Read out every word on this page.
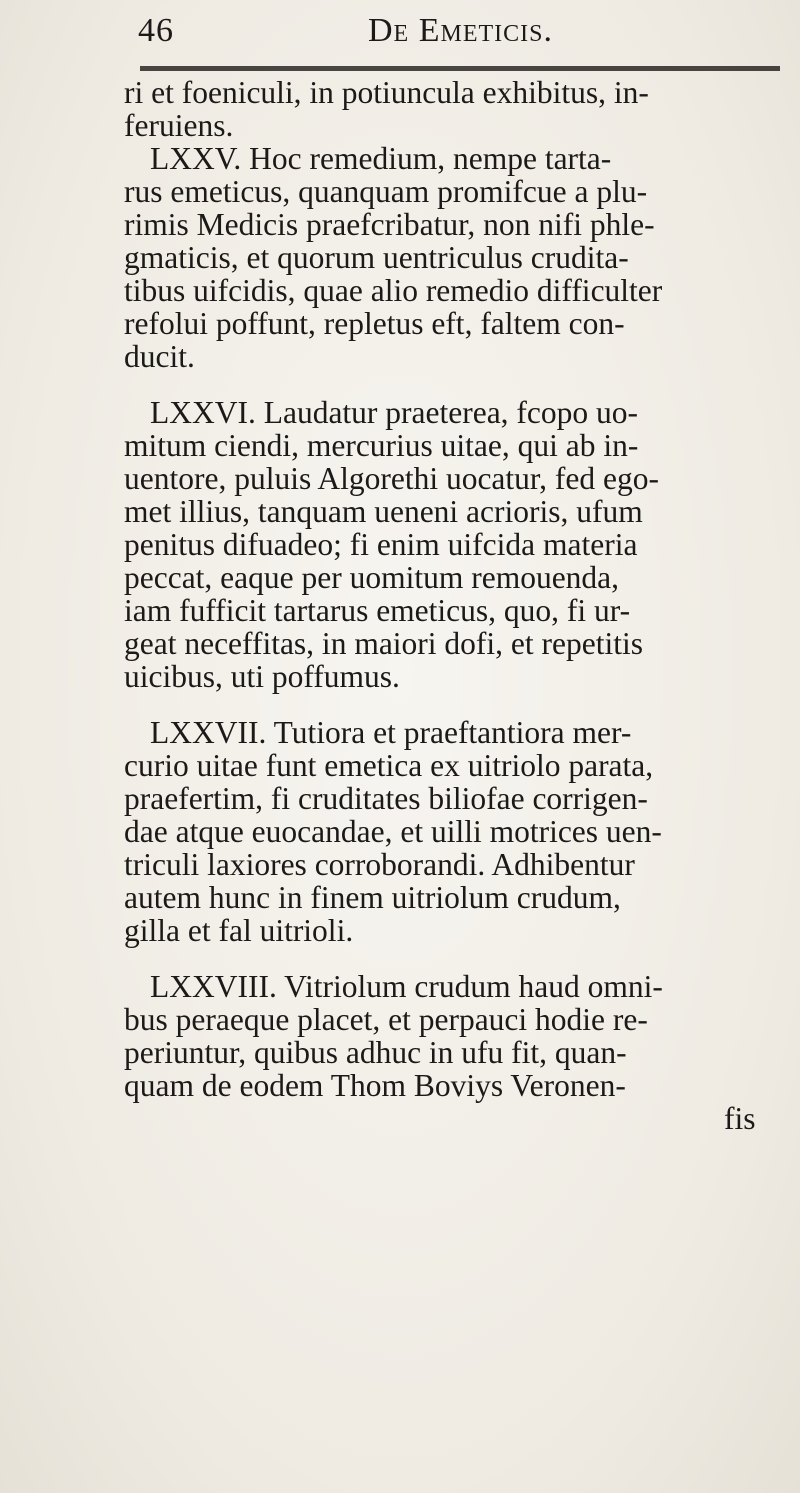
46	De Emeticis.
ri et foeniculi, in potiuncula exhibitus, in-
feruiens.
LXXV. Hoc remedium, nempe tarta-
rus emeticus, quanquam promifcue a plu-
rimis Medicis praefcribatur, non nifi phle-
gmaticis, et quorum uentriculus crudita-
tibus uifcidis, quae alio remedio difficulter
refolui poffunt, repletus eft, faltem con-
ducit.
LXXVI. Laudatur praeterea, fcopo uo-
mitum ciendi, mercurius uitae, qui ab in-
uentore, puluis Algorethi uocatur, fed ego-
met illius, tanquam ueneni acrioris, ufum
penitus difuadeo; fi enim uifcida materia
peccat, eaque per uomitum remouenda,
iam fufficit tartarus emeticus, quo, fi ur-
geat neceffitas, in maiori dofi, et repetitis
uicibus, uti poffumus.
LXXVII. Tutiora et praeftantiora mer-
curio uitae funt emetica ex uitriolo parata,
praefertim, fi cruditates biliofae corrigen-
dae atque euocandae, et uilli motrices uen-
triculi laxiores corroborandi. Adhibentur
autem hunc in finem uitriolum crudum,
gilla et fal uitrioli.
LXXVIII. Vitriolum crudum haud omni-
bus peraeque placet, et perpauci hodie re-
periuntur, quibus adhuc in ufu fit, quan-
quam de eodem Thom Boviys Veronen-
fis
